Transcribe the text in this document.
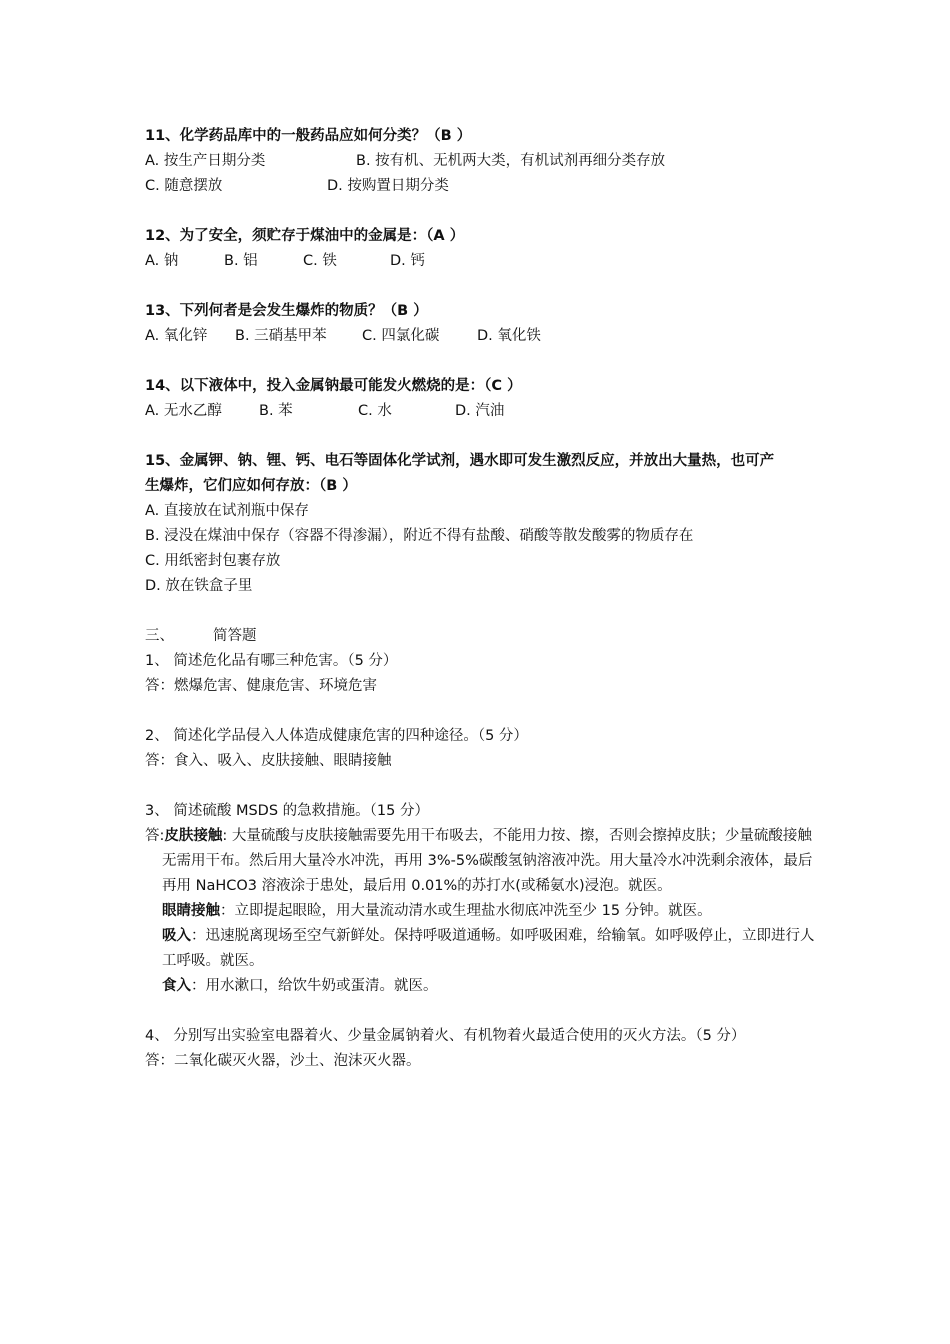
11、化学药品库中的一般药品应如何分类？（B ）
A. 按生产日期分类	B. 按有机、无机两大类，有机试剂再细分类存放
C. 随意摆放	D. 按购置日期分类
12、为了安全，须贮存于煤油中的金属是：（A ）
A. 钠	B. 铝	C. 铁	D. 钙
13、下列何者是会发生爆炸的物质？（B ）
A. 氧化锌 B. 三硝基甲苯 C. 四氯化碳	D. 氧化铁
14、以下液体中，投入金属钠最可能发火燃烧的是：（C ）
A. 无水乙醇	B. 苯	C. 水	D. 汽油
15、金属钾、钠、锂、钙、电石等固体化学试剂，遇水即可发生激烈反应，并放出大量热，也可产
生爆炸，它们应如何存放：（B ）
A. 直接放在试剂瓶中保存
B. 浸没在煤油中保存（容器不得渗漏），附近不得有盐酸、硝酸等散发酸雾的物质存在
C. 用纸密封包裹存放
D. 放在铁盒子里
三、	简答题
1、 简述危化品有哪三种危害。（5 分）
答：燃爆危害、健康危害、环境危害
2、 简述化学品侵入人体造成健康危害的四种途径。（5 分）
答：食入、吸入、皮肤接触、眼睛接触
3、 简述硫酸 MSDS 的急救措施。（15 分）
答:皮肤接触: 大量硫酸与皮肤接触需要先用干布吸去，不能用力按、擦，否则会擦掉皮肤；少量硫酸接触无需用干布。然后用大量冷水冲洗，再用 3%-5%碳酸氢钠溶液冲洗。用大量冷水冲洗剩余液体，最后再用 NaHCO3 溶液涂于患处，最后用 0.01%的苏打水(或稀氨水)浸泡。就医。
眼睛接触：立即提起眼睑，用大量流动清水或生理盐水彻底冲洗至少 15 分钟。就医。
吸入：迅速脱离现场至空气新鲜处。保持呼吸道通畅。如呼吸困难，给输氧。如呼吸停止，立即进行人工呼吸。就医。
食入：用水漱口，给饮牛奶或蛋清。就医。
4、 分别写出实验室电器着火、少量金属钠着火、有机物着火最适合使用的灭火方法。（5 分）
答：二氧化碳灭火器，沙土、泡沫灭火器。
